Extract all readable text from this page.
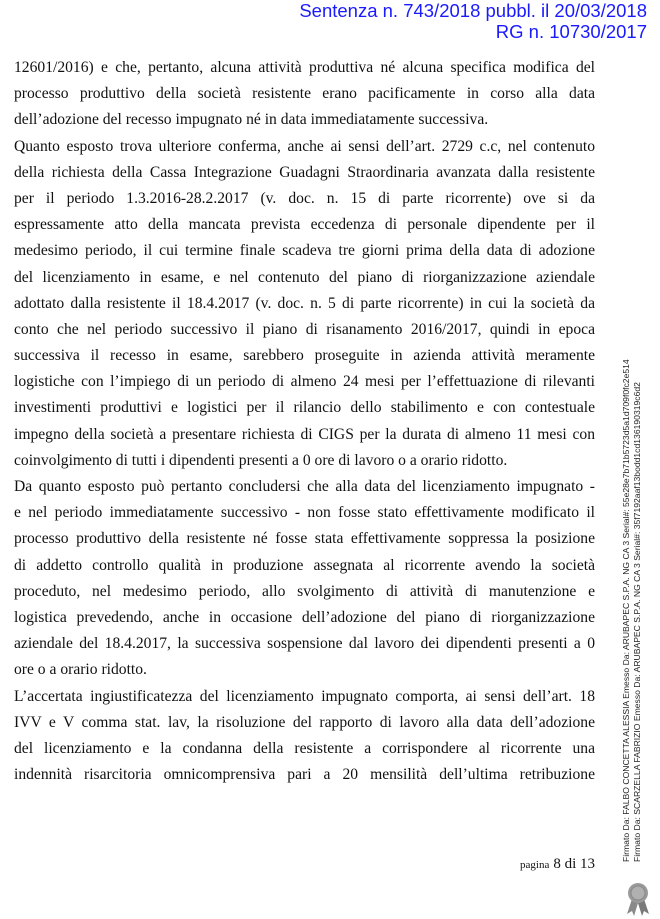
Sentenza n. 743/2018 pubbl. il 20/03/2018
RG n. 10730/2017
12601/2016) e che, pertanto, alcuna attività produttiva né alcuna specifica modifica del
processo produttivo della società resistente erano pacificamente in corso alla data
dell’adozione del recesso impugnato né in data immediatamente successiva.
Quanto esposto trova ulteriore conferma, anche ai sensi dell’art. 2729 c.c, nel contenuto
della richiesta della Cassa Integrazione Guadagni Straordinaria avanzata dalla resistente
per il periodo 1.3.2016-28.2.2017 (v. doc. n. 15 di parte ricorrente) ove si da
espressamente atto della mancata prevista eccedenza di personale dipendente per il
medesimo periodo, il cui termine finale scadeva tre giorni prima della data di adozione
del licenziamento in esame, e nel contenuto del piano di riorganizzazione aziendale
adottato dalla resistente il 18.4.2017 (v. doc. n. 5 di parte ricorrente) in cui la società da
conto che nel periodo successivo il piano di risanamento 2016/2017, quindi in epoca
successiva il recesso in esame, sarebbero proseguite in azienda attività meramente
logistiche con l’impiego di un periodo di almeno 24 mesi per l’effettuazione di rilevanti
investimenti produttivi e logistici per il rilancio dello stabilimento e con contestuale
impegno della società a presentare richiesta di CIGS per la durata di almeno 11 mesi con
coinvolgimento di tutti i dipendenti presenti a 0 ore di lavoro o a orario ridotto.
Da quanto esposto può pertanto concludersi che alla data del licenziamento impugnato -
e nel periodo immediatamente successivo - non fosse stato effettivamente modificato il
processo produttivo della resistente né fosse stata effettivamente soppressa la posizione
di addetto controllo qualità in produzione assegnata al ricorrente avendo la società
proceduto, nel medesimo periodo, allo svolgimento di attività di manutenzione e
logistica prevedendo, anche in occasione dell’adozione del piano di riorganizzazione
aziendale del 18.4.2017, la successiva sospensione dal lavoro dei dipendenti presenti a 0
ore o a orario ridotto.
L’accertata ingiustificatezza del licenziamento impugnato comporta, ai sensi dell’art. 18
IVV e V comma stat. lav, la risoluzione del rapporto di lavoro alla data dell’adozione
del licenziamento e la condanna della resistente a corrispondere al ricorrente una
indennità risarcitoria omnicomprensiva pari a 20 mensilità dell’ultima retribuzione
pagina 8 di 13
Firmato Da: FALBO CONCETTA ALESSIA Emesso Da: ARUBAPEC S.P.A. NG CA 3 Serial#: 55e28e7b71b5723d5a1d709f0fc2e514 Firmato Da: SCARZELLA FABRIZIO Emesso Da: ARUBAPEC S.P.A. NG CA 3 Serial#: 35f7192aaf13bodd1cd136190319c6d2
